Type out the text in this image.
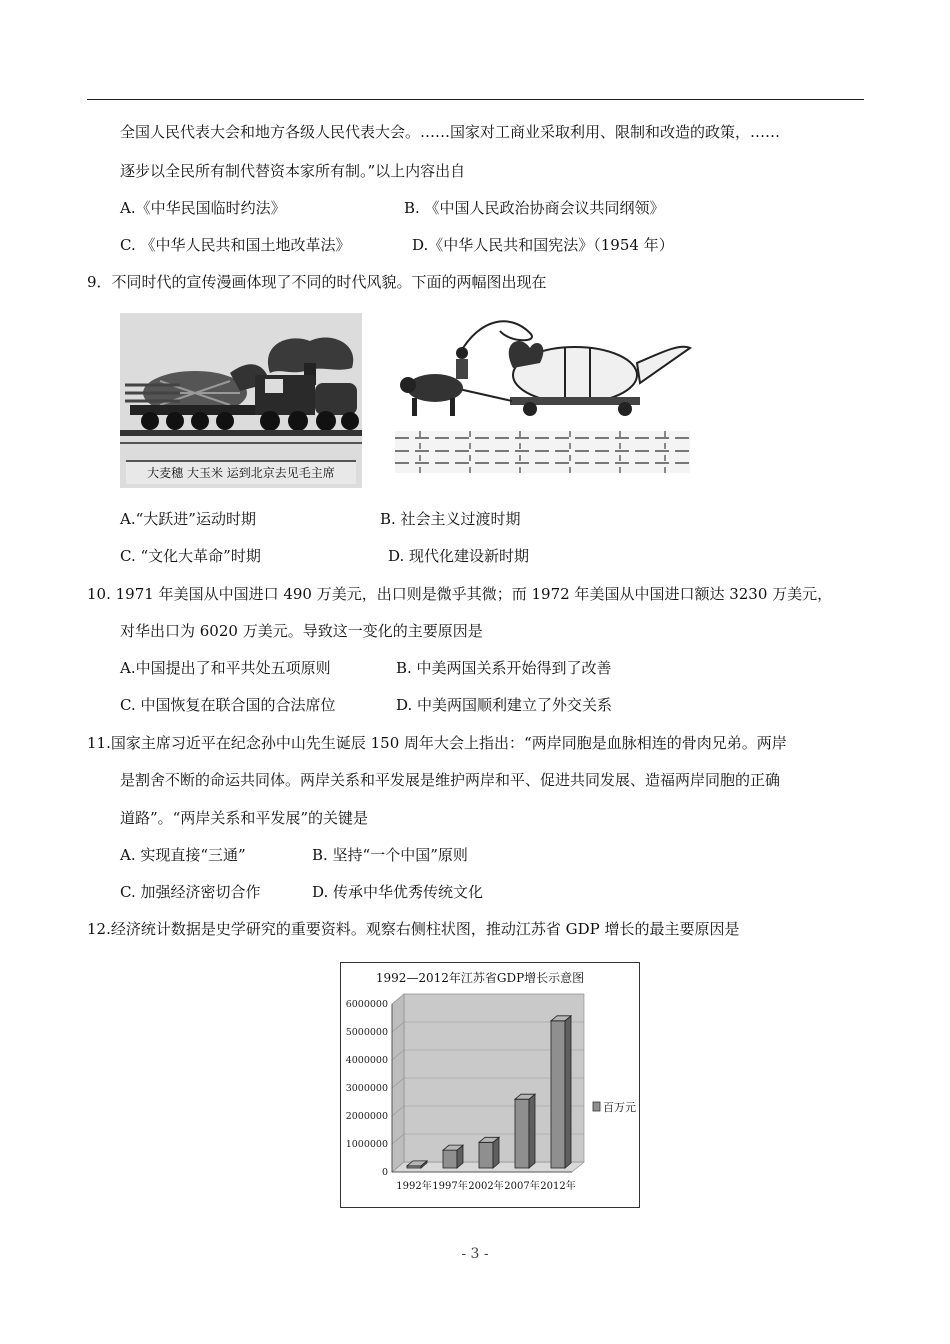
全国人民代表大会和地方各级人民代表大会。……国家对工商业采取利用、限制和改造的政策，……
逐步以全民所有制代替资本家所有制。”以上内容出自
A.《中华民国临时约法》	B. 《中国人民政治协商会议共同纲领》
C. 《中华人民共和国土地改革法》	D.《中华人民共和国宪法》（1954 年）
9．不同时代的宣传漫画体现了不同的时代风貌。下面的两幅图出现在
大麦穗 大玉米 运到北京去见毛主席
A.“大跃进”运动时期	B. 社会主义过渡时期
C. “文化大革命”时期	D. 现代化建设新时期
10. 1971 年美国从中国进口 490 万美元，出口则是微乎其微；而 1972 年美国从中国进口额达 3230 万美元，
对华出口为 6020 万美元。导致这一变化的主要原因是
A.中国提出了和平共处五项原则	B. 中美两国关系开始得到了改善
C. 中国恢复在联合国的合法席位	D. 中美两国顺利建立了外交关系
11.国家主席习近平在纪念孙中山先生诞辰 150 周年大会上指出：“两岸同胞是血脉相连的骨肉兄弟。两岸
是割舍不断的命运共同体。两岸关系和平发展是维护两岸和平、促进共同发展、造福两岸同胞的正确
道路”。“两岸关系和平发展”的关键是
A. 实现直接“三通”	B. 坚持“一个中国”原则
C. 加强经济密切合作	D. 传承中华优秀传统文化
12.经济统计数据是史学研究的重要资料。观察右侧柱状图，推动江苏省 GDP 增长的最主要原因是
1992—2012年江苏省GDP增长示意图
6000000
5000000
4000000
3000000
2000000
1000000
0
1992年 1997年 2002年 2007年 2012年
百万元
- 3 -
